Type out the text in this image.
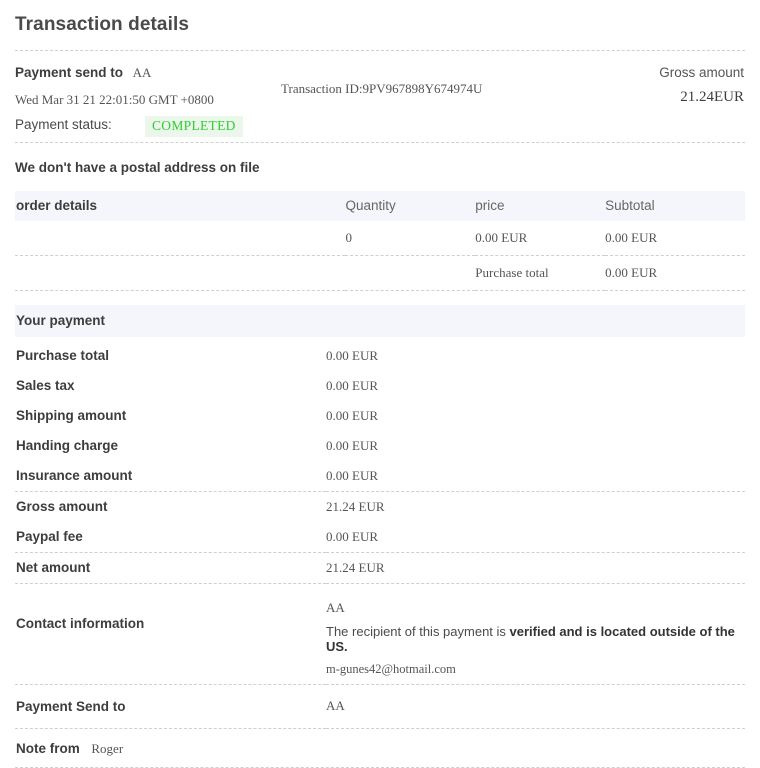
Transaction details
Payment send to AA	Gross amount
21.24EUR
Wed Mar 31 21 22:01:50 GMT +0800
Transaction ID:9PV967898Y674974U
Payment status:	COMPLETED
We don't have a postal address on file
order details	Quantity	price	Subtotal
	0	0.00 EUR	0.00 EUR
		Purchase total	0.00 EUR
Your payment
Purchase total	0.00 EUR
Sales tax	0.00 EUR
Shipping amount	0.00 EUR
Handing charge	0.00 EUR
Insurance amount	0.00 EUR
Gross amount	21.24 EUR
Paypal fee	0.00 EUR
Net amount	21.24 EUR
Contact information	AA
The recipient of this payment is verified and is located outside of the US.
m-gunes42@hotmail.com

Payment Send to	AA
Note from Roger
